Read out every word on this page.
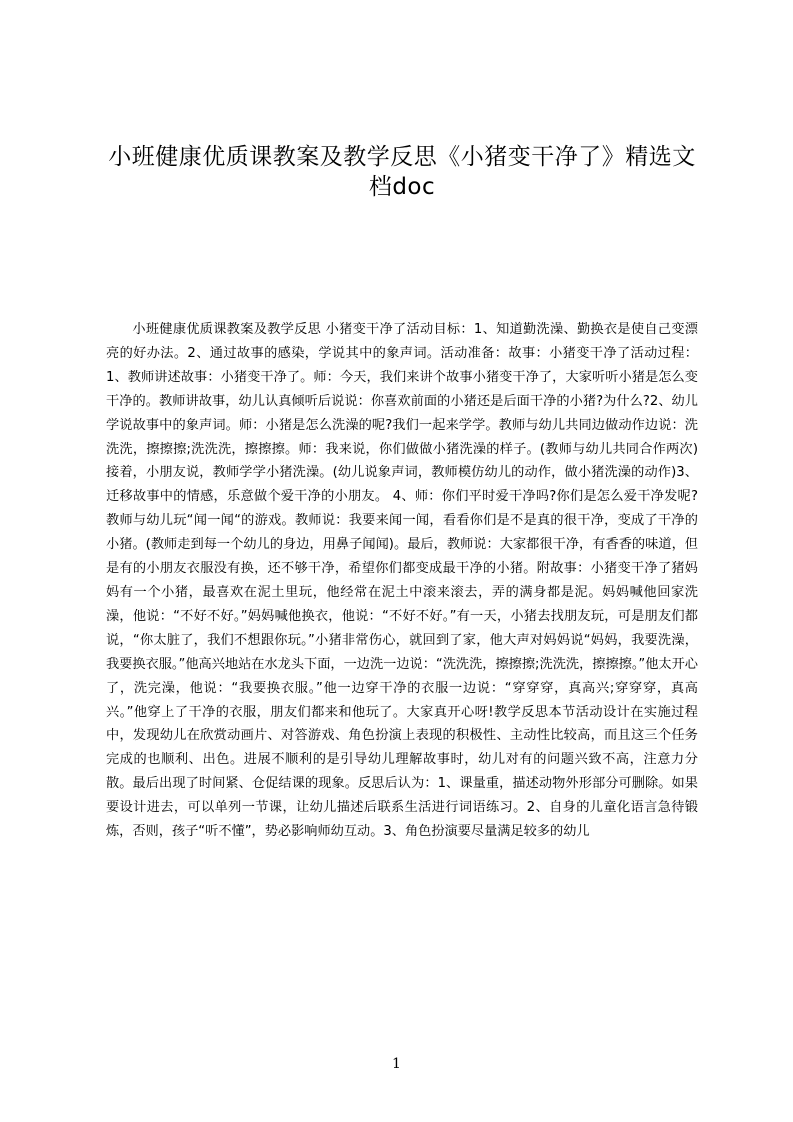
小班健康优质课教案及教学反思《小猪变干净了》精选文档doc

小班健康优质课教案及教学反思 小猪变干净了活动目标：1、知道勤洗澡、勤换衣是使自己变漂亮的好办法。2、通过故事的感染，学说其中的象声词。活动准备：故事：小猪变干净了活动过程：1、教师讲述故事：小猪变干净了。师：今天，我们来讲个故事小猪变干净了，大家听听小猪是怎么变干净的。教师讲故事，幼儿认真倾听后说说：你喜欢前面的小猪还是后面干净的小猪?为什么?2、幼儿学说故事中的象声词。师：小猪是怎么洗澡的呢?我们一起来学学。教师与幼儿共同边做动作边说：洗洗洗，擦擦擦;洗洗洗，擦擦擦。师：我来说，你们做做小猪洗澡的样子。(教师与幼儿共同合作两次)接着，小朋友说，教师学学小猪洗澡。(幼儿说象声词，教师模仿幼儿的动作，做小猪洗澡的动作)3、迁移故事中的情感，乐意做个爱干净的小朋友。 4、师：你们平时爱干净吗?你们是怎么爱干净发呢?教师与幼儿玩“闻一闻“的游戏。教师说：我要来闻一闻，看看你们是不是真的很干净，变成了干净的小猪。(教师走到每一个幼儿的身边，用鼻子闻闻)。最后，教师说：大家都很干净，有香香的味道，但是有的小朋友衣服没有换，还不够干净，希望你们都变成最干净的小猪。附故事：小猪变干净了猪妈妈有一个小猪，最喜欢在泥土里玩，他经常在泥土中滚来滚去，弄的满身都是泥。妈妈喊他回家洗澡，他说：“不好不好。”妈妈喊他换衣，他说：“不好不好。”有一天，小猪去找朋友玩，可是朋友们都说，“你太脏了，我们不想跟你玩。”小猪非常伤心，就回到了家，他大声对妈妈说“妈妈，我要洗澡，我要换衣服。”他高兴地站在水龙头下面，一边洗一边说：“洗洗洗，擦擦擦;洗洗洗，擦擦擦。”他太开心了，洗完澡，他说：“我要换衣服。”他一边穿干净的衣服一边说：“穿穿穿，真高兴;穿穿穿，真高兴。”他穿上了干净的衣服，朋友们都来和他玩了。大家真开心呀!教学反思本节活动设计在实施过程中，发现幼儿在欣赏动画片、对答游戏、角色扮演上表现的积极性、主动性比较高，而且这三个任务完成的也顺利、出色。进展不顺利的是引导幼儿理解故事时，幼儿对有的问题兴致不高，注意力分散。最后出现了时间紧、仓促结课的现象。反思后认为：1、课量重，描述动物外形部分可删除。如果要设计进去，可以单列一节课，让幼儿描述后联系生活进行词语练习。2、自身的儿童化语言急待锻炼，否则，孩子“听不懂”，势必影响师幼互动。3、角色扮演要尽量满足较多的幼儿

1
